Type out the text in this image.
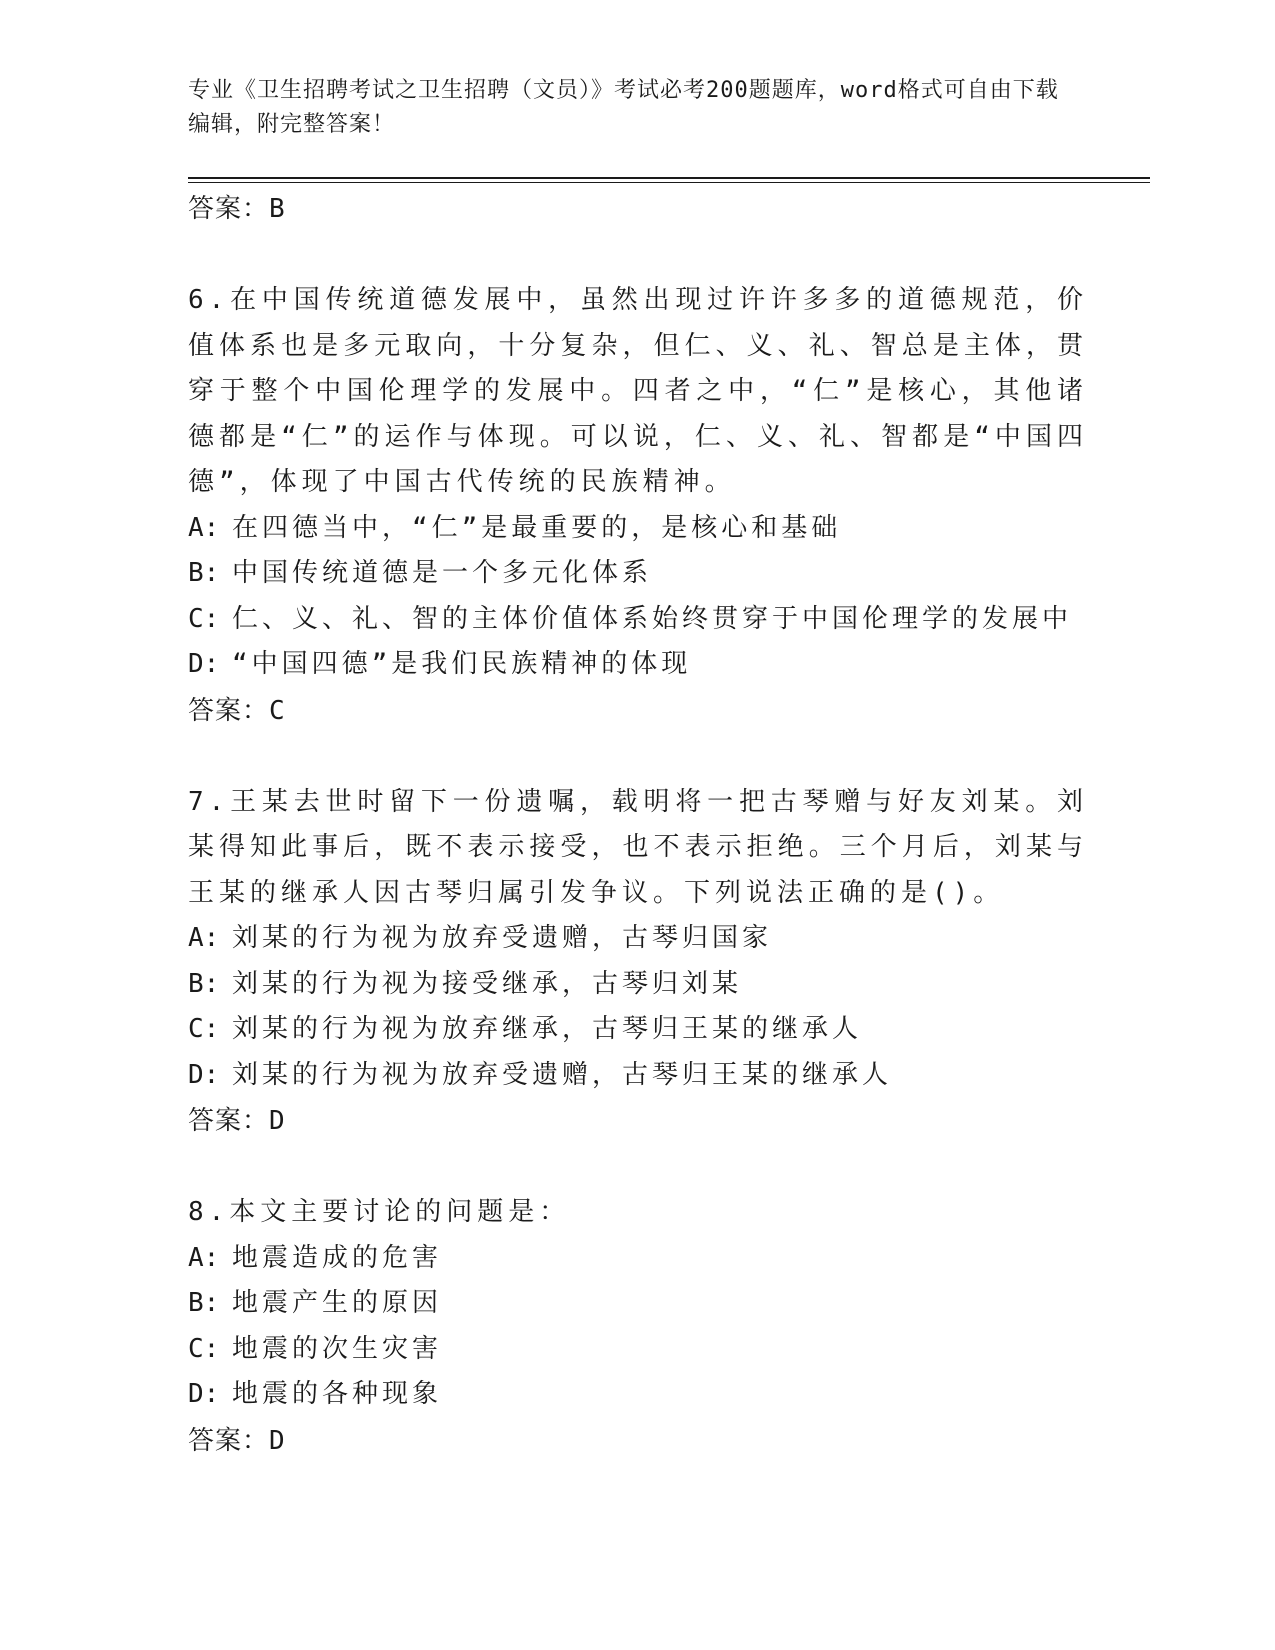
专业《卫生招聘考试之卫生招聘（文员）》考试必考200题题库，word格式可自由下载编辑，附完整答案！
答案：B

6.在中国传统道德发展中，虽然出现过许许多多的道德规范，价值体系也是多元取向，十分复杂，但仁、义、礼、智总是主体，贯穿于整个中国伦理学的发展中。四者之中，“仁”是核心，其他诸德都是“仁”的运作与体现。可以说，仁、义、礼、智都是“中国四德”，体现了中国古代传统的民族精神。

A: 在四德当中，“仁”是最重要的，是核心和基础
B: 中国传统道德是一个多元化体系
C: 仁、义、礼、智的主体价值体系始终贯穿于中国伦理学的发展中
D: “中国四德”是我们民族精神的体现
答案：C

7.王某去世时留下一份遗嘱，载明将一把古琴赠与好友刘某。刘某得知此事后，既不表示接受，也不表示拒绝。三个月后，刘某与王某的继承人因古琴归属引发争议。下列说法正确的是()。

A: 刘某的行为视为放弃受遗赠，古琴归国家
B: 刘某的行为视为接受继承，古琴归刘某
C: 刘某的行为视为放弃继承，古琴归王某的继承人
D: 刘某的行为视为放弃受遗赠，古琴归王某的继承人
答案：D

8.本文主要讨论的问题是：

A: 地震造成的危害
B: 地震产生的原因
C: 地震的次生灾害
D: 地震的各种现象
答案：D
